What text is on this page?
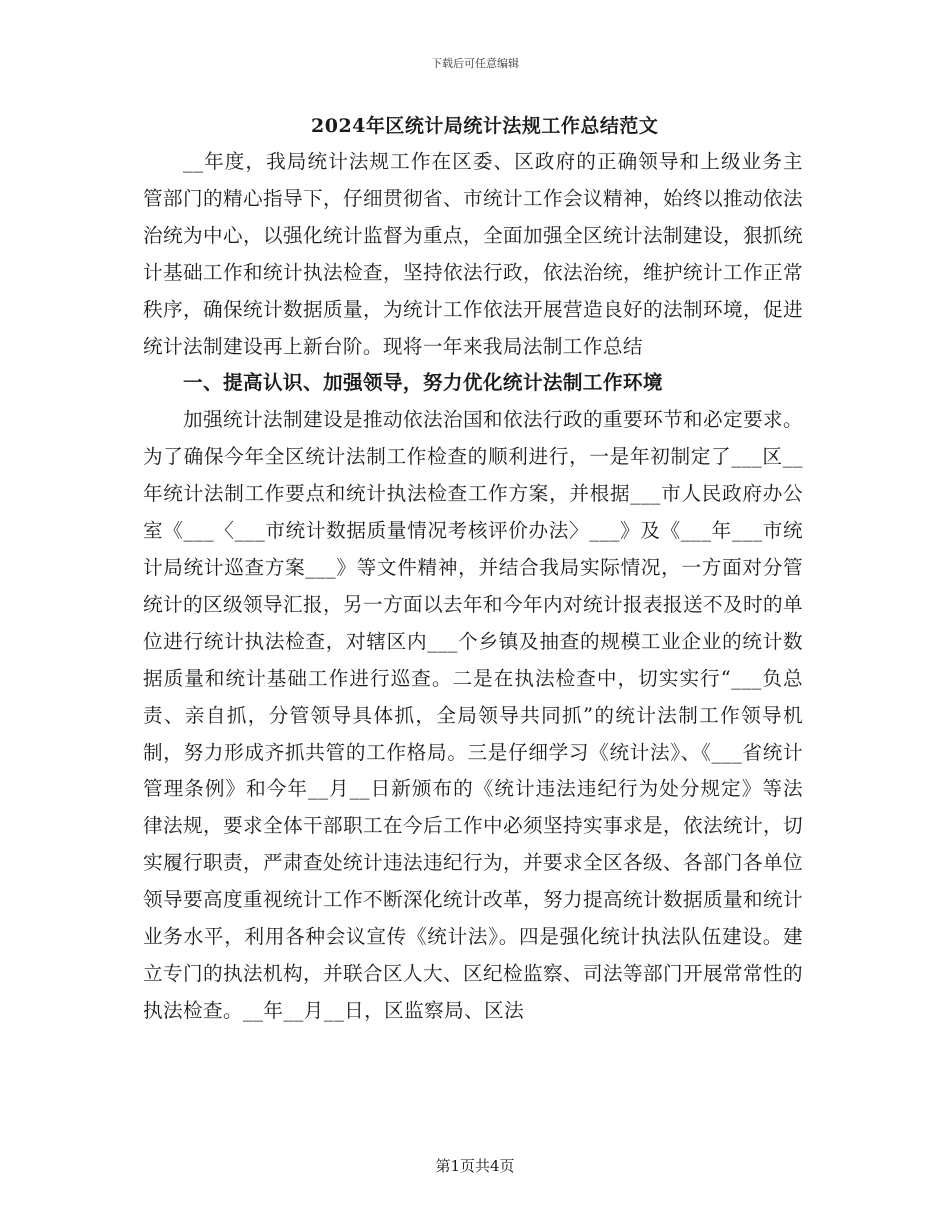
下载后可任意编辑
2024年区统计局统计法规工作总结范文

__年度，我局统计法规工作在区委、区政府的正确领导和上级业务主管部门的精心指导下，仔细贯彻省、市统计工作会议精神，始终以推动依法治统为中心，以强化统计监督为重点，全面加强全区统计法制建设，狠抓统计基础工作和统计执法检查，坚持依法行政，依法治统，维护统计工作正常秩序，确保统计数据质量，为统计工作依法开展营造良好的法制环境，促进统计法制建设再上新台阶。现将一年来我局法制工作总结

一、提高认识、加强领导，努力优化统计法制工作环境

加强统计法制建设是推动依法治国和依法行政的重要环节和必定要求。为了确保今年全区统计法制工作检查的顺利进行，一是年初制定了___区__年统计法制工作要点和统计执法检查工作方案，并根据___市人民政府办公室《___〈___市统计数据质量情况考核评价办法〉___》及《___年___市统计局统计巡查方案___》等文件精神，并结合我局实际情况，一方面对分管统计的区级领导汇报，另一方面以去年和今年内对统计报表报送不及时的单位进行统计执法检查，对辖区内___个乡镇及抽查的规模工业企业的统计数据质量和统计基础工作进行巡查。二是在执法检查中，切实实行“___负总责、亲自抓，分管领导具体抓，全局领导共同抓”的统计法制工作领导机制，努力形成齐抓共管的工作格局。三是仔细学习《统计法》、《___省统计管理条例》和今年__月__日新颁布的《统计违法违纪行为处分规定》等法律法规，要求全体干部职工在今后工作中必须坚持实事求是，依法统计，切实履行职责，严肃查处统计违法违纪行为，并要求全区各级、各部门各单位领导要高度重视统计工作不断深化统计改革，努力提高统计数据质量和统计业务水平，利用各种会议宣传《统计法》。四是强化统计执法队伍建设。建立专门的执法机构，并联合区人大、区纪检监察、司法等部门开展常常性的执法检查。__年__月__日，区监察局、区法

第1页共4页
